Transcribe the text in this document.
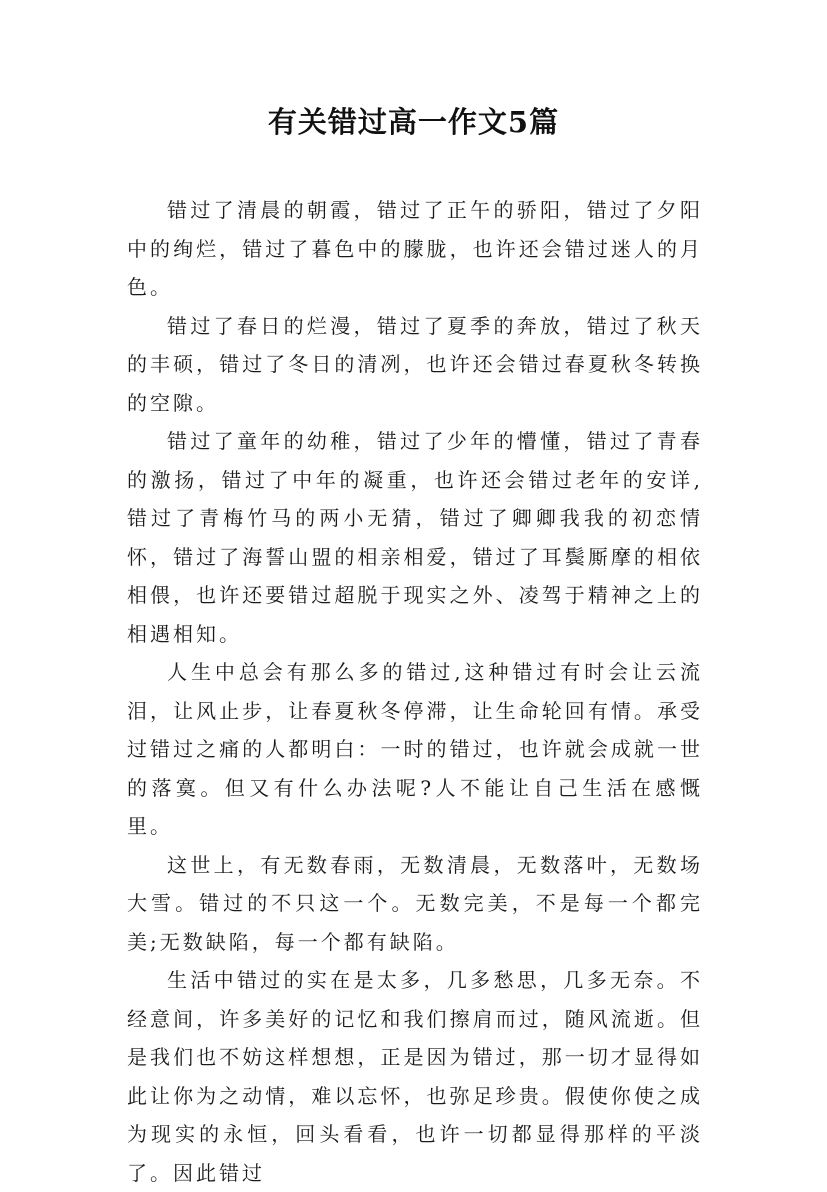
有关错过高一作文5篇

错过了清晨的朝霞，错过了正午的骄阳，错过了夕阳中的绚烂，错过了暮色中的朦胧，也许还会错过迷人的月色。

错过了春日的烂漫，错过了夏季的奔放，错过了秋天的丰硕，错过了冬日的清冽，也许还会错过春夏秋冬转换的空隙。

错过了童年的幼稚，错过了少年的懵懂，错过了青春的激扬，错过了中年的凝重，也许还会错过老年的安详,错过了青梅竹马的两小无猜，错过了卿卿我我的初恋情怀，错过了海誓山盟的相亲相爱，错过了耳鬓厮摩的相依相偎，也许还要错过超脱于现实之外、凌驾于精神之上的相遇相知。

人生中总会有那么多的错过,这种错过有时会让云流泪，让风止步，让春夏秋冬停滞，让生命轮回有情。承受过错过之痛的人都明白：一时的错过，也许就会成就一世的落寞。但又有什么办法呢?人不能让自己生活在感慨里。

这世上，有无数春雨，无数清晨，无数落叶，无数场大雪。错过的不只这一个。无数完美，不是每一个都完美;无数缺陷，每一个都有缺陷。

生活中错过的实在是太多，几多愁思，几多无奈。不经意间，许多美好的记忆和我们擦肩而过，随风流逝。但是我们也不妨这样想想，正是因为错过，那一切才显得如此让你为之动情，难以忘怀，也弥足珍贵。假使你使之成为现实的永恒，回头看看，也许一切都显得那样的平淡了。因此错过
